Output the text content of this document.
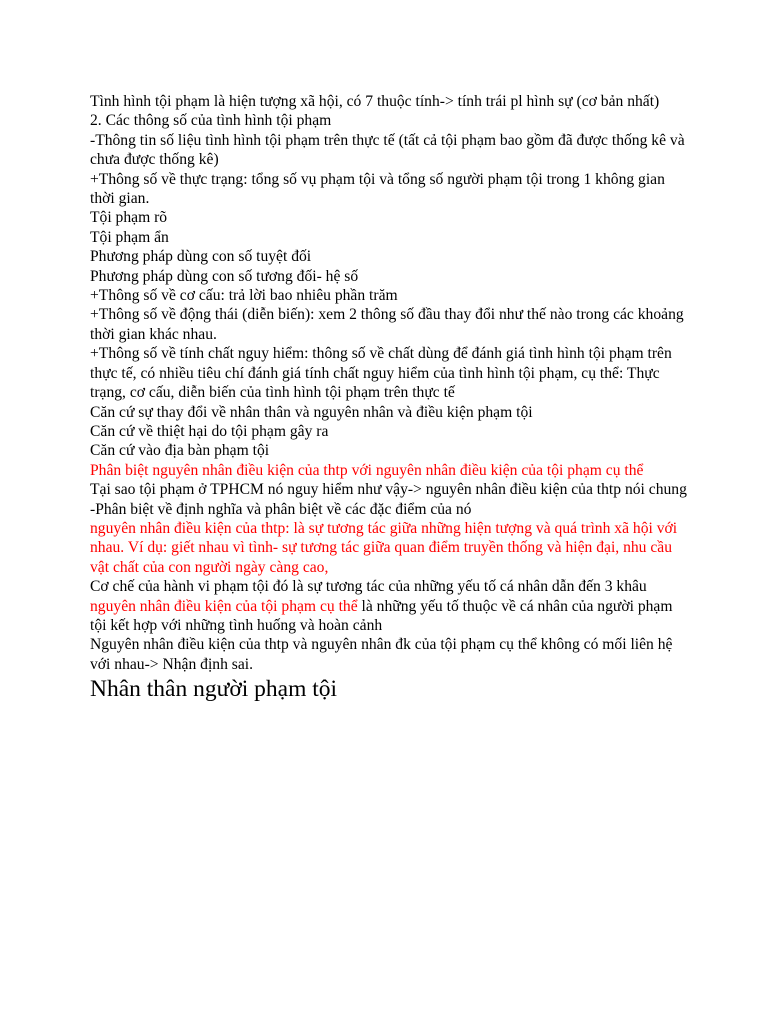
Tình hình tội phạm là hiện tượng xã hội, có 7 thuộc tính-> tính trái pl hình sự (cơ bản nhất)

2. Các thông số của tình hình tội phạm

-Thông tin số liệu tình hình tội phạm trên thực tế (tất cả tội phạm bao gồm đã được thống kê và chưa được thống kê)

+Thông số về thực trạng: tổng số vụ phạm tội và tổng số người phạm tội trong 1 không gian thời gian.

Tội phạm rõ

Tội phạm ẩn

Phương pháp dùng con số tuyệt đối

Phương pháp dùng con số tương đối- hệ số

+Thông số về cơ cấu: trả lời bao nhiêu phần trăm

+Thông số về động thái (diễn biến): xem 2 thông số đầu thay đổi như thế nào trong các khoảng thời gian khác nhau.

+Thông số về tính chất nguy hiểm: thông số về chất dùng để đánh giá tình hình tội phạm trên thực tế, có nhiều tiêu chí đánh giá tính chất nguy hiểm của tình hình tội phạm, cụ thể: Thực trạng, cơ cấu, diễn biến của tình hình tội phạm trên thực tế

Căn cứ sự thay đổi về nhân thân và nguyên nhân và điều kiện phạm tội

Căn cứ về thiệt hại do tội phạm gây ra

Căn cứ vào địa bàn phạm tội

Phân biệt nguyên nhân điều kiện của thtp với nguyên nhân điều kiện của tội phạm cụ thể

Tại sao tội phạm ở TPHCM nó nguy hiểm như vậy-> nguyên nhân điều kiện của thtp nói chung

-Phân biệt về định nghĩa và phân biệt về các đặc điểm của nó

nguyên nhân điều kiện của thtp: là sự tương tác giữa những hiện tượng và quá trình xã hội với nhau. Ví dụ: giết nhau vì tình- sự tương tác giữa quan điểm truyền thống và hiện đại, nhu cầu vật chất của con người ngày càng cao,

Cơ chế của hành vi phạm tội đó là sự tương tác của những yếu tố cá nhân dẫn đến 3 khâu

nguyên nhân điều kiện của tội phạm cụ thể là những yếu tố thuộc về cá nhân của người phạm tội kết hợp với những tình huống và hoàn cảnh

Nguyên nhân điều kiện của thtp và nguyên nhân đk của tội phạm cụ thể không có mối liên hệ với nhau-> Nhận định sai.

Nhân thân người phạm tội
